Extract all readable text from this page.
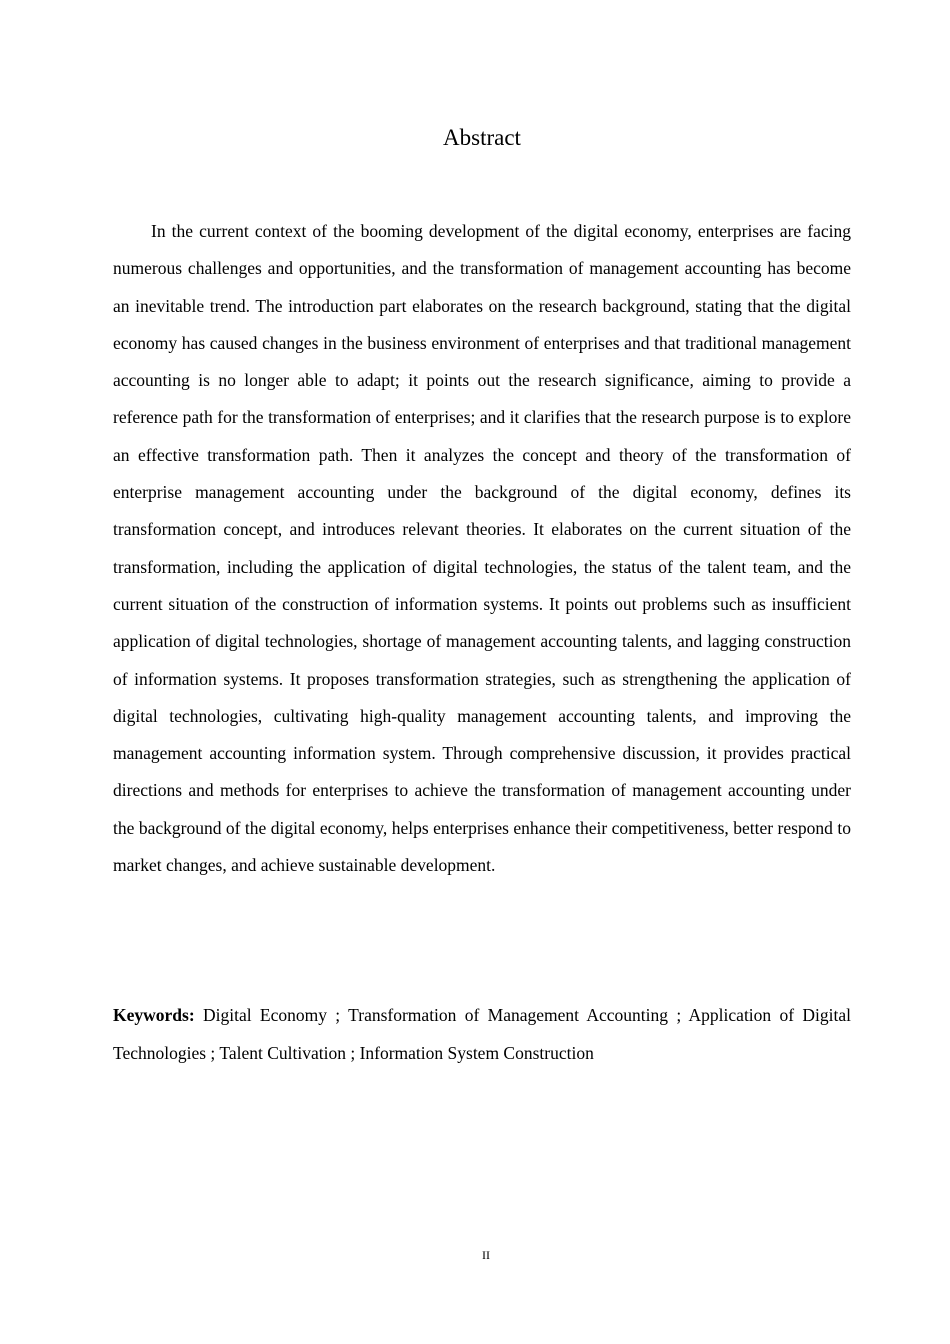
Abstract

In the current context of the booming development of the digital economy, enterprises are facing numerous challenges and opportunities, and the transformation of management accounting has become an inevitable trend. The introduction part elaborates on the research background, stating that the digital economy has caused changes in the business environment of enterprises and that traditional management accounting is no longer able to adapt; it points out the research significance, aiming to provide a reference path for the transformation of enterprises; and it clarifies that the research purpose is to explore an effective transformation path. Then it analyzes the concept and theory of the transformation of enterprise management accounting under the background of the digital economy, defines its transformation concept, and introduces relevant theories. It elaborates on the current situation of the transformation, including the application of digital technologies, the status of the talent team, and the current situation of the construction of information systems. It points out problems such as insufficient application of digital technologies, shortage of management accounting talents, and lagging construction of information systems. It proposes transformation strategies, such as strengthening the application of digital technologies, cultivating high-quality management accounting talents, and improving the management accounting information system. Through comprehensive discussion, it provides practical directions and methods for enterprises to achieve the transformation of management accounting under the background of the digital economy, helps enterprises enhance their competitiveness, better respond to market changes, and achieve sustainable development.

Keywords: Digital Economy ; Transformation of Management Accounting ; Application of Digital Technologies ; Talent Cultivation ; Information System Construction

II
